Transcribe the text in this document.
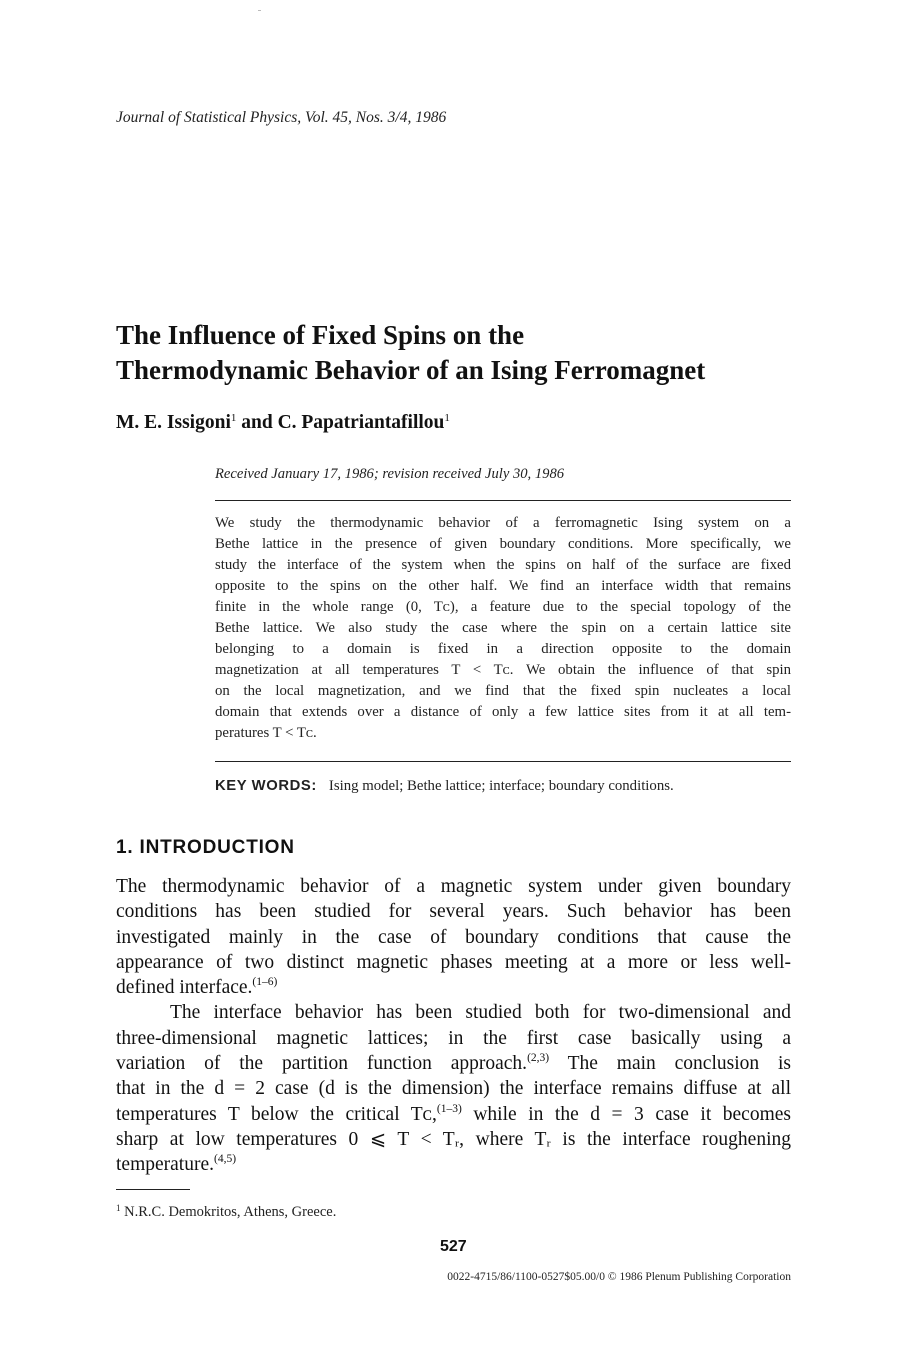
Journal of Statistical Physics, Vol. 45, Nos. 3/4, 1986
The Influence of Fixed Spins on the
Thermodynamic Behavior of an Ising Ferromagnet
M. E. Issigoni$^1$ and C. Papatriantafillou$^1$
Received January 17, 1986; revision received July 30, 1986
We study the thermodynamic behavior of a ferromagnetic Ising system on a
Bethe lattice in the presence of given boundary conditions. More specifically, we
study the interface of the system when the spins on half of the surface are fixed
opposite to the spins on the other half. We find an interface width that remains
finite in the whole range (0, Tᴄ), a feature due to the special topology of the
Bethe lattice. We also study the case where the spin on a certain lattice site
belonging to a domain is fixed in a direction opposite to the domain
magnetization at all temperatures T < Tᴄ. We obtain the influence of that spin
on the local magnetization, and we find that the fixed spin nucleates a local
domain that extends over a distance of only a few lattice sites from it at all tem-
peratures T < Tᴄ.
KEY WORDS: Ising model; Bethe lattice; interface; boundary conditions.
1. INTRODUCTION
The thermodynamic behavior of a magnetic system under given boundary
conditions has been studied for several years. Such behavior has been
investigated mainly in the case of boundary conditions that cause the
appearance of two distinct magnetic phases meeting at a more or less well-
defined interface.$^{(1-6)}$
The interface behavior has been studied both for two-dimensional and
three-dimensional magnetic lattices; in the first case basically using a
variation of the partition function approach.$^{(2,3)}$ The main conclusion is
that in the d = 2 case (d is the dimension) the interface remains diffuse at all
temperatures T below the critical Tᴄ,$^{(1-3)}$ while in the d = 3 case it becomes
sharp at low temperatures 0 ⩽ T < Tᵣ, where Tᵣ is the interface roughening
temperature.$^{(4,5)}$
$^1$ N.R.C. Demokritos, Athens, Greece.
527
0022-4715/86/1100-0527$05.00/0 © 1986 Plenum Publishing Corporation
